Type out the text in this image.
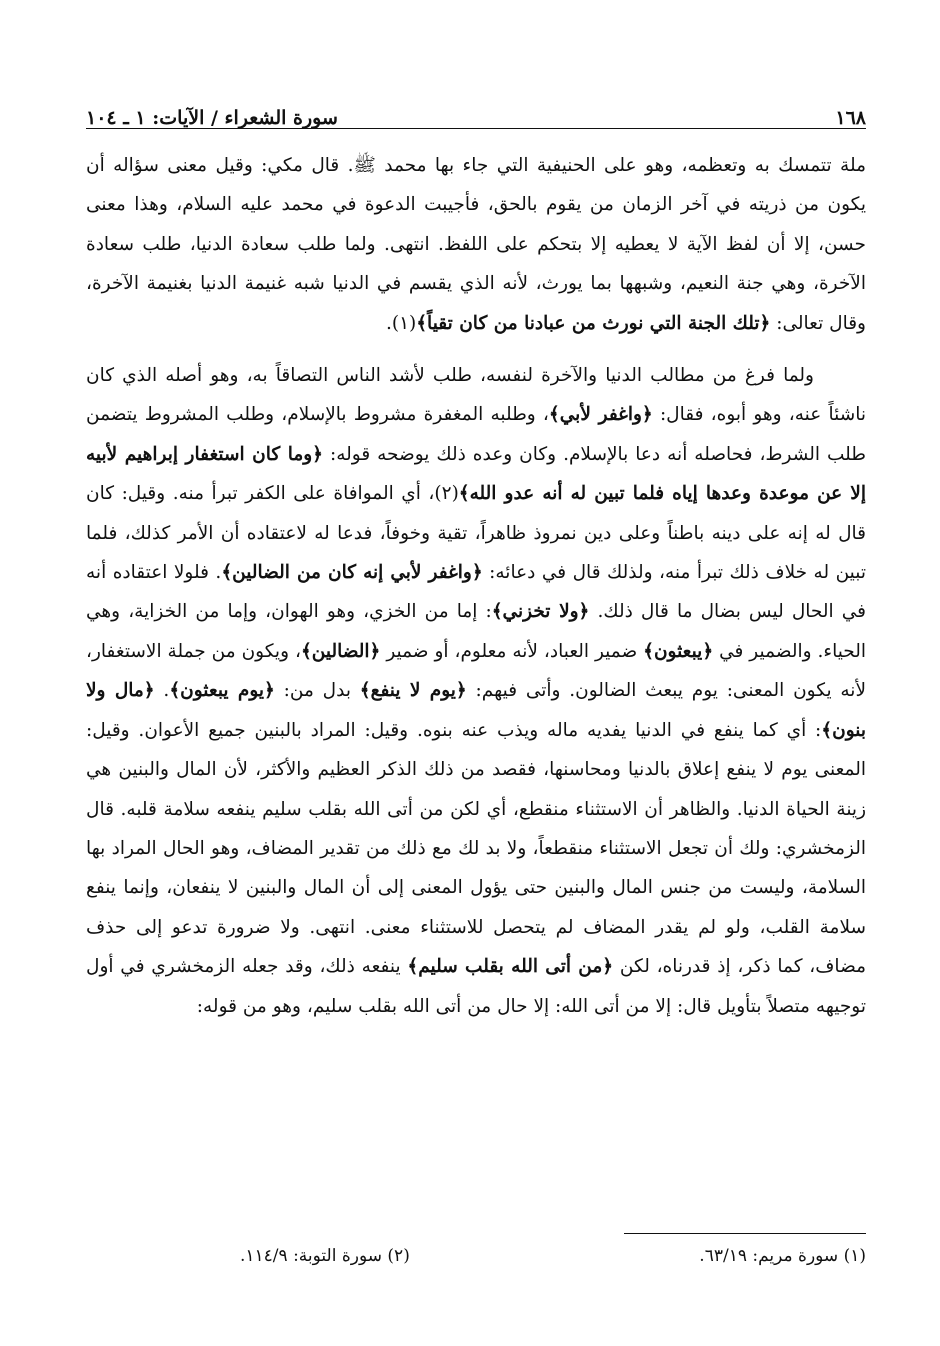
١٦٨
سورة الشعراء / الآيات: ١ ـ ١٠٤

ملة تتمسك به وتعظمه، وهو على الحنيفية التي جاء بها محمد ﷺ. قال مكي: وقيل معنى سؤاله أن يكون من ذريته في آخر الزمان من يقوم بالحق، فأجيبت الدعوة في محمد عليه السلام، وهذا معنى حسن، إلا أن لفظ الآية لا يعطيه إلا بتحكم على اللفظ. انتهى. ولما طلب سعادة الدنيا، طلب سعادة الآخرة، وهي جنة النعيم، وشبهها بما يورث، لأنه الذي يقسم في الدنيا شبه غنيمة الدنيا بغنيمة الآخرة، وقال تعالى: ﴿تلك الجنة التي نورث من عبادنا من كان تقياً﴾(١).

ولما فرغ من مطالب الدنيا والآخرة لنفسه، طلب لأشد الناس التصاقاً به، وهو أصله الذي كان ناشئاً عنه، وهو أبوه، فقال: ﴿واغفر لأبي﴾، وطلبه المغفرة مشروط بالإسلام، وطلب المشروط يتضمن طلب الشرط، فحاصله أنه دعا بالإسلام. وكان وعده ذلك يوضحه قوله: ﴿وما كان استغفار إبراهيم لأبيه إلا عن موعدة وعدها إياه فلما تبين له أنه عدو الله﴾(٢)، أي الموافاة على الكفر تبرأ منه. وقيل: كان قال له إنه على دينه باطناً وعلى دين نمروذ ظاهراً، تقية وخوفاً، فدعا له لاعتقاده أن الأمر كذلك، فلما تبين له خلاف ذلك تبرأ منه، ولذلك قال في دعائه: ﴿واغفر لأبي إنه كان من الضالين﴾. فلولا اعتقاده أنه في الحال ليس بضال ما قال ذلك. ﴿ولا تخزني﴾: إما من الخزي، وهو الهوان، وإما من الخزاية، وهي الحياء. والضمير في ﴿يبعثون﴾ ضمير العباد، لأنه معلوم، أو ضمير ﴿الضالين﴾، ويكون من جملة الاستغفار، لأنه يكون المعنى: يوم يبعث الضالون. وأتى فيهم: ﴿يوم لا ينفع﴾ بدل من: ﴿يوم يبعثون﴾. ﴿مال ولا بنون﴾: أي كما ينفع في الدنيا يفديه ماله ويذب عنه بنوه. وقيل: المراد بالبنين جميع الأعوان. وقيل: المعنى يوم لا ينفع إعلاق بالدنيا ومحاسنها، فقصد من ذلك الذكر العظيم والأكثر، لأن المال والبنين هي زينة الحياة الدنيا. والظاهر أن الاستثناء منقطع، أي لكن من أتى الله بقلب سليم ينفعه سلامة قلبه. قال الزمخشري: ولك أن تجعل الاستثناء منقطعاً، ولا بد لك مع ذلك من تقدير المضاف، وهو الحال المراد بها السلامة، وليست من جنس المال والبنين حتى يؤول المعنى إلى أن المال والبنين لا ينفعان، وإنما ينفع سلامة القلب، ولو لم يقدر المضاف لم يتحصل للاستثناء معنى. انتهى. ولا ضرورة تدعو إلى حذف مضاف، كما ذكر، إذ قدرناه، لكن ﴿من أتى الله بقلب سليم﴾ ينفعه ذلك، وقد جعله الزمخشري في أول توجيهه متصلاً بتأويل قال: إلا من أتى الله: إلا حال من أتى الله بقلب سليم، وهو من قوله:

(١) سورة مريم: ٦٣/١٩.
(٢) سورة التوبة: ١١٤/٩.
